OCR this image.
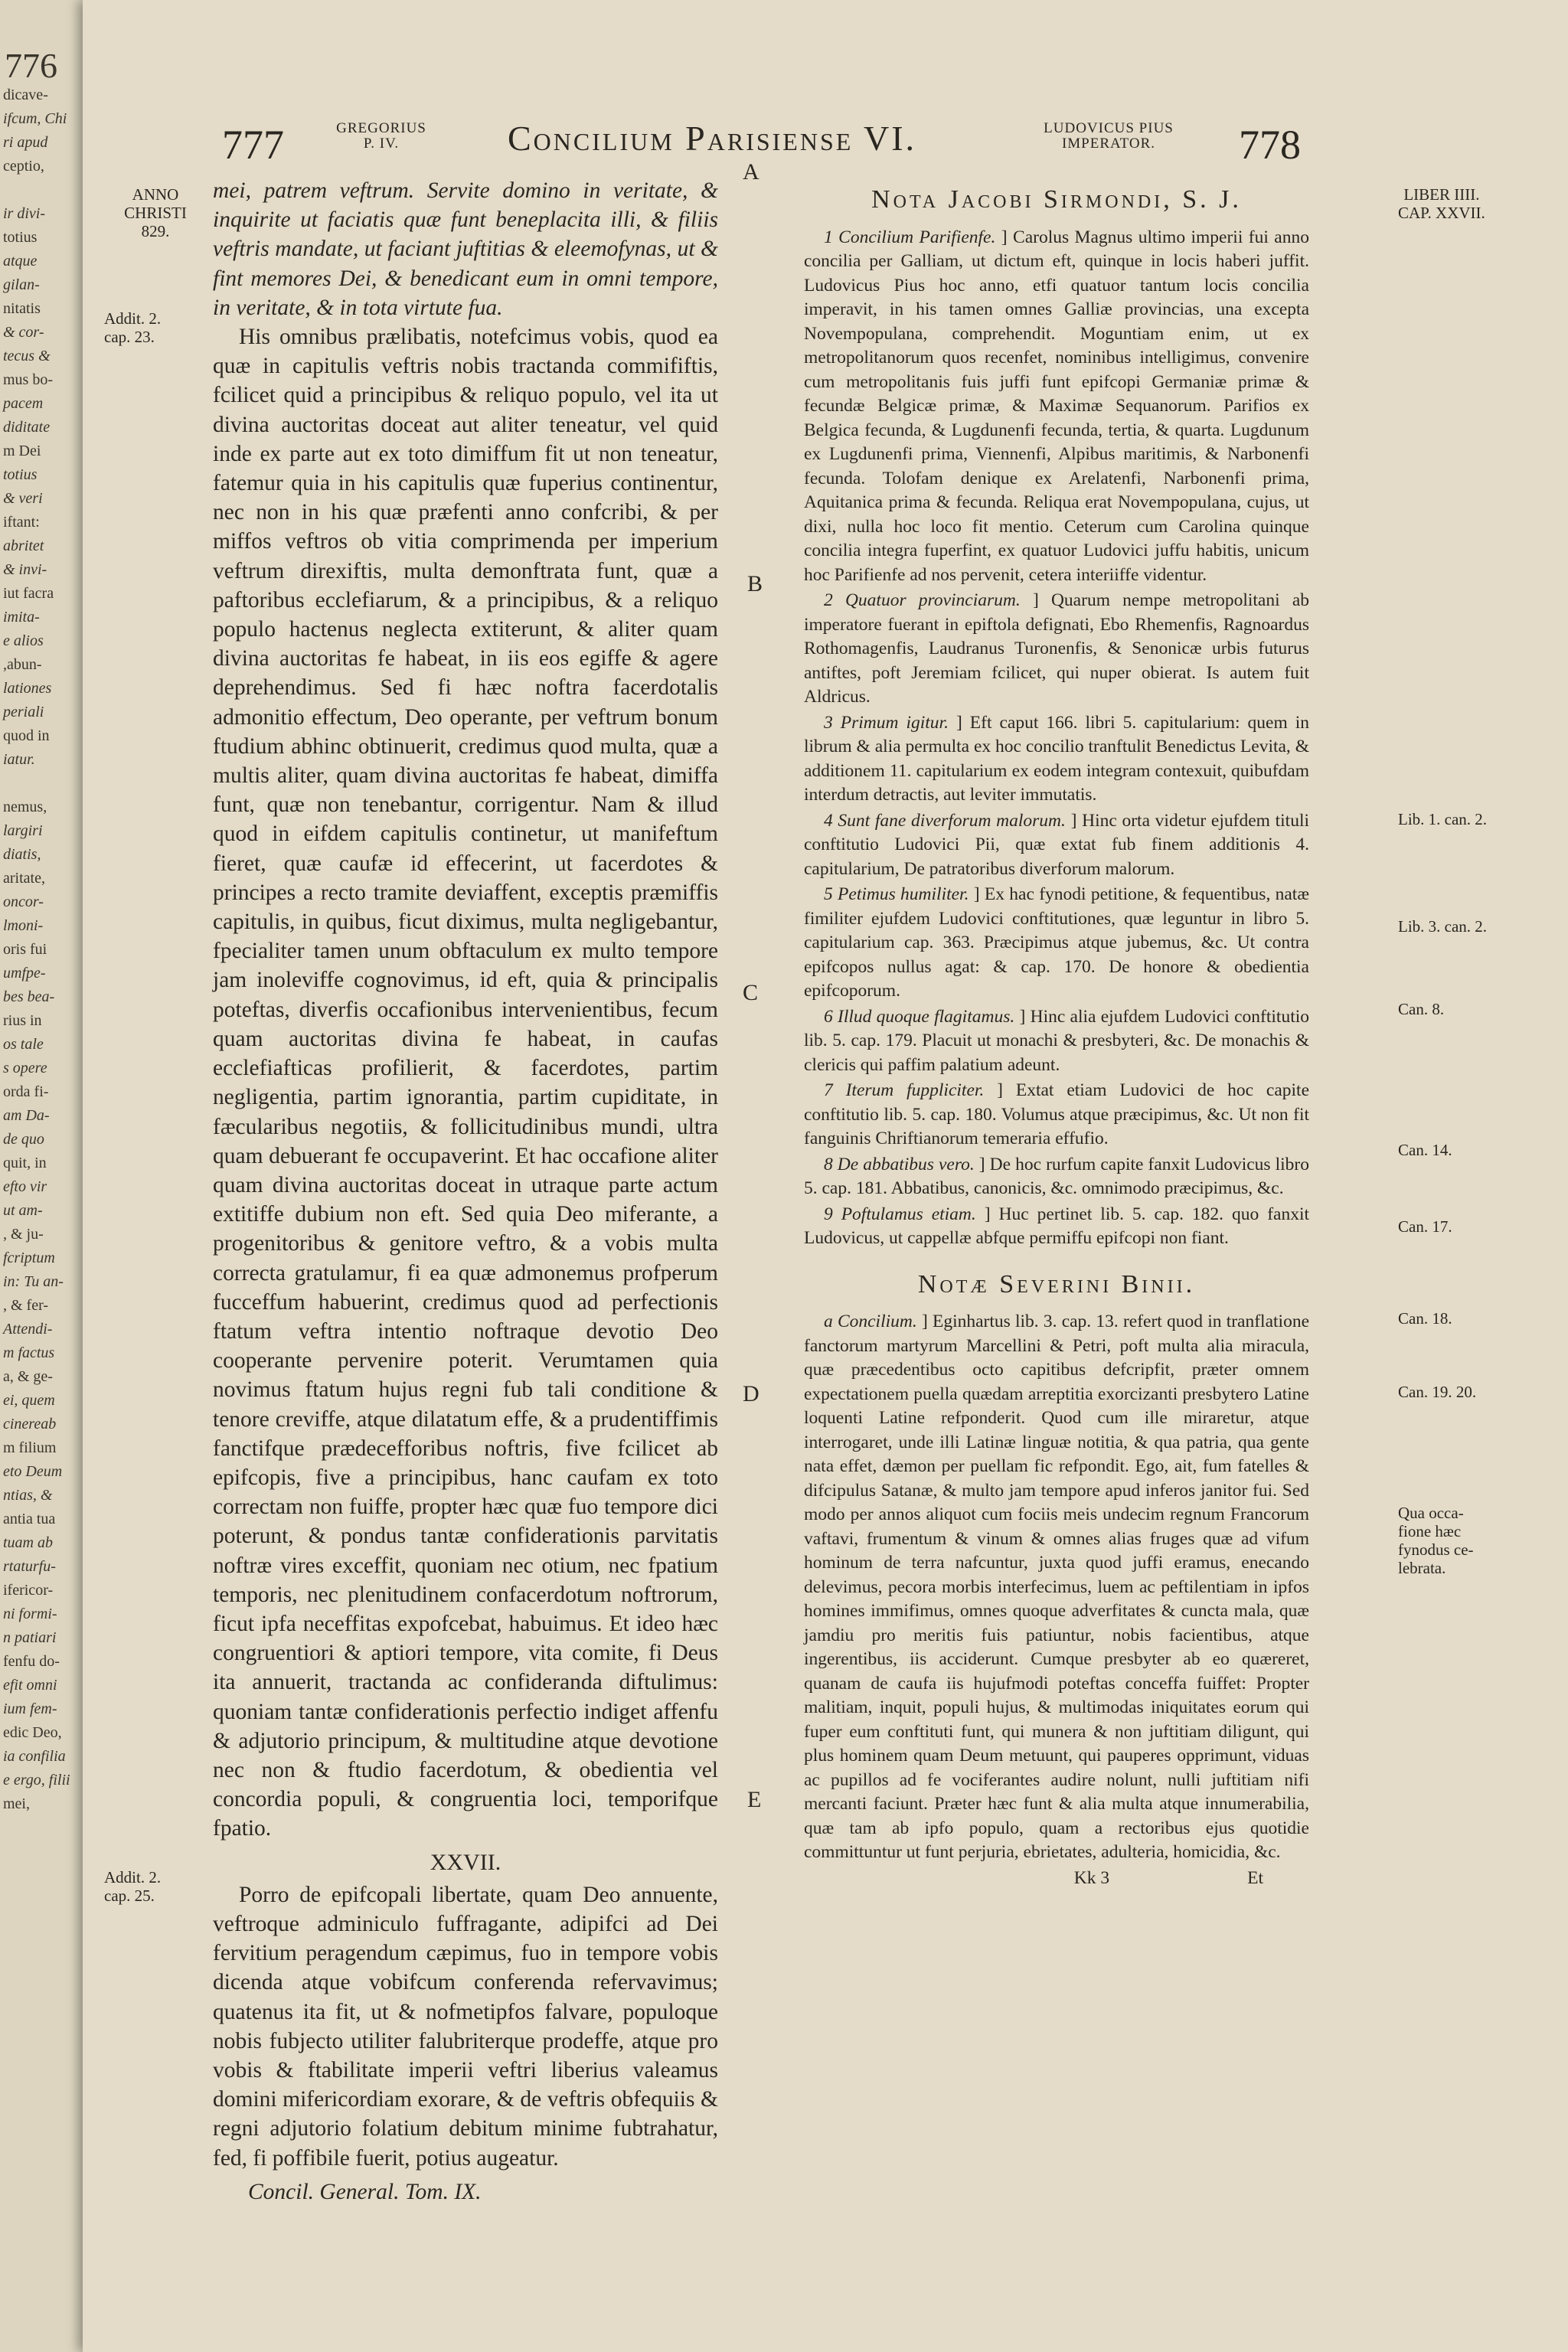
776
dicave-
ifcum, Chi
ri apud
ceptio,

ir divi-
totius
atque
gilan-
nitatis
& cor-
tecus &
mus bo-
pacem
diditate
m Dei
totius
& veri
iftant:
abritet
& invi-
iut facra
imita-
e alios
,abun-
lationes
periali
quod in
iatur.

nemus,
largiri
diatis,
aritate,
oncor-
lmoni-
oris fui
umfpe-
bes bea-
rius in
os tale
s opere
orda fi-
am Da-
de quo
quit, in
efto vir
ut am-
, & ju-
fcriptum
in: Tu an-
, & fer-
Attendi-
m factus
a, & ge-
ei, quem
cinereab
m filium
eto Deum
ntias, &
antia tua
tuam ab
rtaturfu-
ifericor-
ni formi-
n patiari
fenfu do-
efit omni
ium fem-
edic Deo,
ia confilia
e ergo, filii
mei,
777	GREGORIUS
P. IV.	Concilium Parisiense VI.	LUDOVICUS PIUS
IMPERATOR.	778
ANNO
CHRISTI
829.
Addit. 2.
cap. 23.
Addit. 2.
cap. 25.
A
B
C
D
E

mei, patrem veftrum. Servite domino in veritate, & inquirite ut faciatis quæ funt beneplacita illi, & filiis veftris mandate, ut faciant juftitias & eleemofynas, ut & fint memores Dei, & benedicant eum in omni tempore, in veritate, & in tota virtute fua.

His omnibus prælibatis, notefcimus vobis, quod ea quæ in capitulis veftris nobis tractanda commififtis, fcilicet quid a principibus & reliquo populo, vel ita ut divina auctoritas doceat aut aliter teneatur, vel quid inde ex parte aut ex toto dimiffum fit ut non teneatur, fatemur quia in his capitulis quæ fuperius continentur, nec non in his quæ præfenti anno confcribi, & per miffos veftros ob vitia comprimenda per imperium veftrum direxiftis, multa demonftrata funt, quæ a paftoribus ecclefiarum, & a principibus, & a reliquo populo hactenus neglecta extiterunt, & aliter quam divina auctoritas fe habeat, in iis eos egiffe & agere deprehendimus. Sed fi hæc noftra facerdotalis admonitio effectum, Deo operante, per veftrum bonum ftudium abhinc obtinuerit, credimus quod multa, quæ a multis aliter, quam divina auctoritas fe habeat, dimiffa funt, quæ non tenebantur, corrigentur. Nam & illud quod in eifdem capitulis continetur, ut manifeftum fieret, quæ caufæ id effecerint, ut facerdotes & principes a recto tramite deviaffent, exceptis præmiffis capitulis, in quibus, ficut diximus, multa negligebantur, fpecialiter tamen unum obftaculum ex multo tempore jam inoleviffe cognovimus, id eft, quia & principalis poteftas, diverfis occafionibus intervenientibus, fecum quam auctoritas divina fe habeat, in caufas ecclefiafticas profilierit, & facerdotes, partim negligentia, partim ignorantia, partim cupiditate, in fæcularibus negotiis, & follicitudinibus mundi, ultra quam debuerant fe occupaverint. Et hac occafione aliter quam divina auctoritas doceat in utraque parte actum extitiffe dubium non eft. Sed quia Deo miferante, a progenitoribus & genitore veftro, & a vobis multa correcta gratulamur, fi ea quæ admonemus profperum fucceffum habuerint, credimus quod ad perfectionis ftatum veftra intentio noftraque devotio Deo cooperante pervenire poterit. Verumtamen quia novimus ftatum hujus regni fub tali conditione & tenore creviffe, atque dilatatum effe, & a prudentiffimis fanctifque prædecefforibus noftris, five fcilicet ab epifcopis, five a principibus, hanc caufam ex toto correctam non fuiffe, propter hæc quæ fuo tempore dici poterunt, & pondus tantæ confiderationis parvitatis noftræ vires exceffit, quoniam nec otium, nec fpatium temporis, nec plenitudinem confacerdotum noftrorum, ficut ipfa neceffitas expofcebat, habuimus. Et ideo hæc congruentiori & aptiori tempore, vita comite, fi Deus ita annuerit, tractanda ac confideranda diftulimus: quoniam tantæ confiderationis perfectio indiget affenfu & adjutorio principum, & multitudine atque devotione nec non & ftudio facerdotum, & obedientia vel concordia populi, & congruentia loci, temporifque fpatio.

XXVII.

Porro de epifcopali libertate, quam Deo annuente, veftroque adminiculo fuffragante, adipifci ad Dei fervitium peragendum cæpimus, fuo in tempore vobis dicenda atque vobifcum conferenda refervavimus; quatenus ita fit, ut & nofmetipfos falvare, populoque nobis fubjecto utiliter falubriterque prodeffe, atque pro vobis & ftabilitate imperii veftri liberius valeamus domini mifericordiam exorare, & de veftris obfequiis & regni adjutorio folatium debitum minime fubtrahatur, fed, fi poffibile fuerit, potius augeatur.

Concil. General. Tom. IX.

Nota Jacobi Sirmondi, S. J.

1 Concilium Parifienfe. ] Carolus Magnus ultimo imperii fui anno concilia per Galliam, ut dictum eft, quinque in locis haberi juffit. Ludovicus Pius hoc anno, etfi quatuor tantum locis concilia imperavit, in his tamen omnes Galliæ provincias, una excepta Novempopulana, comprehendit. Moguntiam enim, ut ex metropolitanorum quos recenfet, nominibus intelligimus, convenire cum metropolitanis fuis juffi funt epifcopi Germaniæ primæ & fecundæ Belgicæ primæ, & Maximæ Sequanorum. Parifios ex Belgica fecunda, & Lugdunenfi fecunda, tertia, & quarta. Lugdunum ex Lugdunenfi prima, Viennenfi, Alpibus maritimis, & Narbonenfi fecunda. Tolofam denique ex Arelatenfi, Narbonenfi prima, Aquitanica prima & fecunda. Reliqua erat Novempopulana, cujus, ut dixi, nulla hoc loco fit mentio. Ceterum cum Carolina quinque concilia integra fuperfint, ex quatuor Ludovici juffu habitis, unicum hoc Parifienfe ad nos pervenit, cetera interiiffe videntur.

2 Quatuor provinciarum. ] Quarum nempe metropolitani ab imperatore fuerant in epiftola defignati, Ebo Rhemenfis, Ragnoardus Rothomagenfis, Laudranus Turonenfis, & Senonicæ urbis futurus antiftes, poft Jeremiam fcilicet, qui nuper obierat. Is autem fuit Aldricus.

3 Primum igitur. ] Eft caput 166. libri 5. capitularium: quem in librum & alia permulta ex hoc concilio tranftulit Benedictus Levita, & additionem 11. capitularium ex eodem integram contexuit, quibufdam interdum detractis, aut leviter immutatis.

4 Sunt fane diverforum malorum. ] Hinc orta videtur ejufdem tituli conftitutio Ludovici Pii, quæ extat fub finem additionis 4. capitularium, De patratoribus diverforum malorum.

5 Petimus humiliter. ] Ex hac fynodi petitione, & fequentibus, natæ fimiliter ejufdem Ludovici conftitutiones, quæ leguntur in libro 5. capitularium cap. 363. Præcipimus atque jubemus, &c. Ut contra epifcopos nullus agat: & cap. 170. De honore & obedientia epifcoporum.

6 Illud quoque flagitamus. ] Hinc alia ejufdem Ludovici conftitutio lib. 5. cap. 179. Placuit ut monachi & presbyteri, &c. De monachis & clericis qui paffim palatium adeunt.

7 Iterum fuppliciter. ] Extat etiam Ludovici de hoc capite conftitutio lib. 5. cap. 180. Volumus atque præcipimus, &c. Ut non fit fanguinis Chriftianorum temeraria effufio.

8 De abbatibus vero. ] De hoc rurfum capite fanxit Ludovicus libro 5. cap. 181. Abbatibus, canonicis, &c. omnimodo præcipimus, &c.

9 Poftulamus etiam. ] Huc pertinet lib. 5. cap. 182. quo fanxit Ludovicus, ut cappellæ abfque permiffu epifcopi non fiant.

Notæ Severini Binii.

a Concilium. ] Eginhartus lib. 3. cap. 13. refert quod in tranflatione fanctorum martyrum Marcellini & Petri, poft multa alia miracula, quæ præcedentibus octo capitibus defcripfit, præter omnem expectationem puella quædam arreptitia exorcizanti presbytero Latine loquenti Latine refponderit. Quod cum ille miraretur, atque interrogaret, unde illi Latinæ linguæ notitia, & qua patria, qua gente nata effet, dæmon per puellam fic refpondit. Ego, ait, fum fatelles & difcipulus Satanæ, & multo jam tempore apud inferos janitor fui. Sed modo per annos aliquot cum fociis meis undecim regnum Francorum vaftavi, frumentum & vinum & omnes alias fruges quæ ad vifum hominum de terra nafcuntur, juxta quod juffi eramus, enecando delevimus, pecora morbis interfecimus, luem ac peftilentiam in ipfos homines immifimus, omnes quoque adverfitates & cuncta mala, quæ jamdiu pro meritis fuis patiuntur, nobis facientibus, atque ingerentibus, iis acciderunt. Cumque presbyter ab eo quæreret, quanam de caufa iis hujufmodi poteftas conceffa fuiffet: Propter malitiam, inquit, populi hujus, & multimodas iniquitates eorum qui fuper eum conftituti funt, qui munera & non juftitiam diligunt, qui plus hominem quam Deum metuunt, qui pauperes opprimunt, viduas ac pupillos ad fe vociferantes audire nolunt, nulli juftitiam nifi mercanti faciunt. Præter hæc funt & alia multa atque innumerabilia, quæ tam ab ipfo populo, quam a rectoribus ejus quotidie committuntur ut funt perjuria, ebrietates, adulteria, homicidia, &c.

Kk 3	Et
LIBER IIII.
CAP. XXVII.
Lib. 1. can. 2.
Lib. 3. can. 2.
Can. 8.
Can. 14.
Can. 17.
Can. 18.
Can. 19. 20.
Qua occa-
fione hæc
fynodus ce-
lebrata.
